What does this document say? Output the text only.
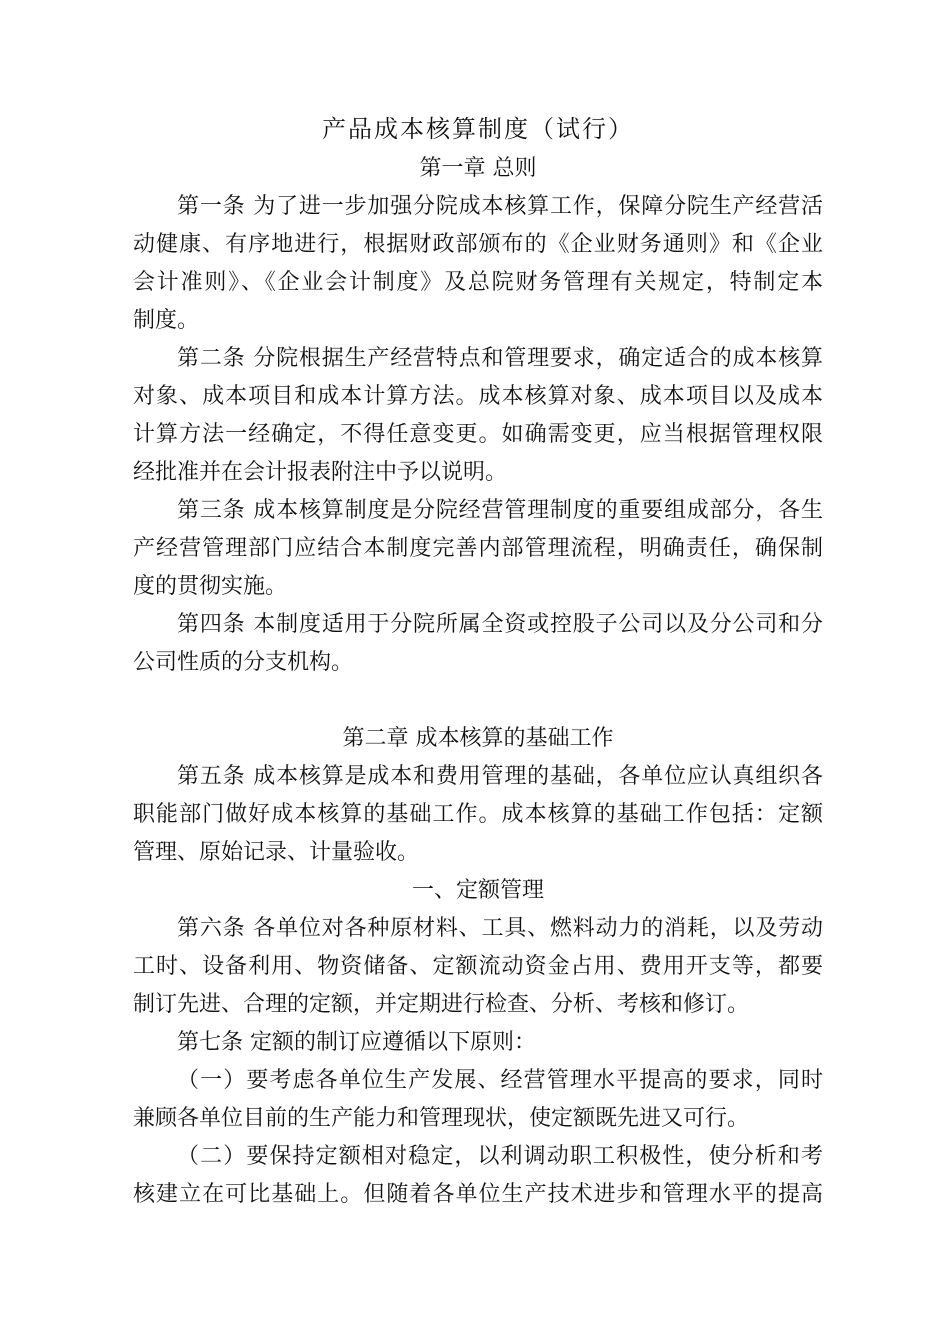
产品成本核算制度（试行）
第一章 总则
第一条 为了进一步加强分院成本核算工作，保障分院生产经营活
动健康、有序地进行，根据财政部颁布的《企业财务通则》和《企业
会计准则》、《企业会计制度》及总院财务管理有关规定，特制定本
制度。
第二条 分院根据生产经营特点和管理要求，确定适合的成本核算
对象、成本项目和成本计算方法。成本核算对象、成本项目以及成本
计算方法一经确定，不得任意变更。如确需变更，应当根据管理权限
经批准并在会计报表附注中予以说明。
第三条 成本核算制度是分院经营管理制度的重要组成部分，各生
产经营管理部门应结合本制度完善内部管理流程，明确责任，确保制
度的贯彻实施。
第四条 本制度适用于分院所属全资或控股子公司以及分公司和分
公司性质的分支机构。
第二章 成本核算的基础工作
第五条 成本核算是成本和费用管理的基础，各单位应认真组织各
职能部门做好成本核算的基础工作。成本核算的基础工作包括：定额
管理、原始记录、计量验收。
一、定额管理
第六条 各单位对各种原材料、工具、燃料动力的消耗，以及劳动
工时、设备利用、物资储备、定额流动资金占用、费用开支等，都要
制订先进、合理的定额，并定期进行检查、分析、考核和修订。
第七条 定额的制订应遵循以下原则：
（一）要考虑各单位生产发展、经营管理水平提高的要求，同时
兼顾各单位目前的生产能力和管理现状，使定额既先进又可行。
（二）要保持定额相对稳定，以利调动职工积极性，使分析和考
核建立在可比基础上。但随着各单位生产技术进步和管理水平的提高
